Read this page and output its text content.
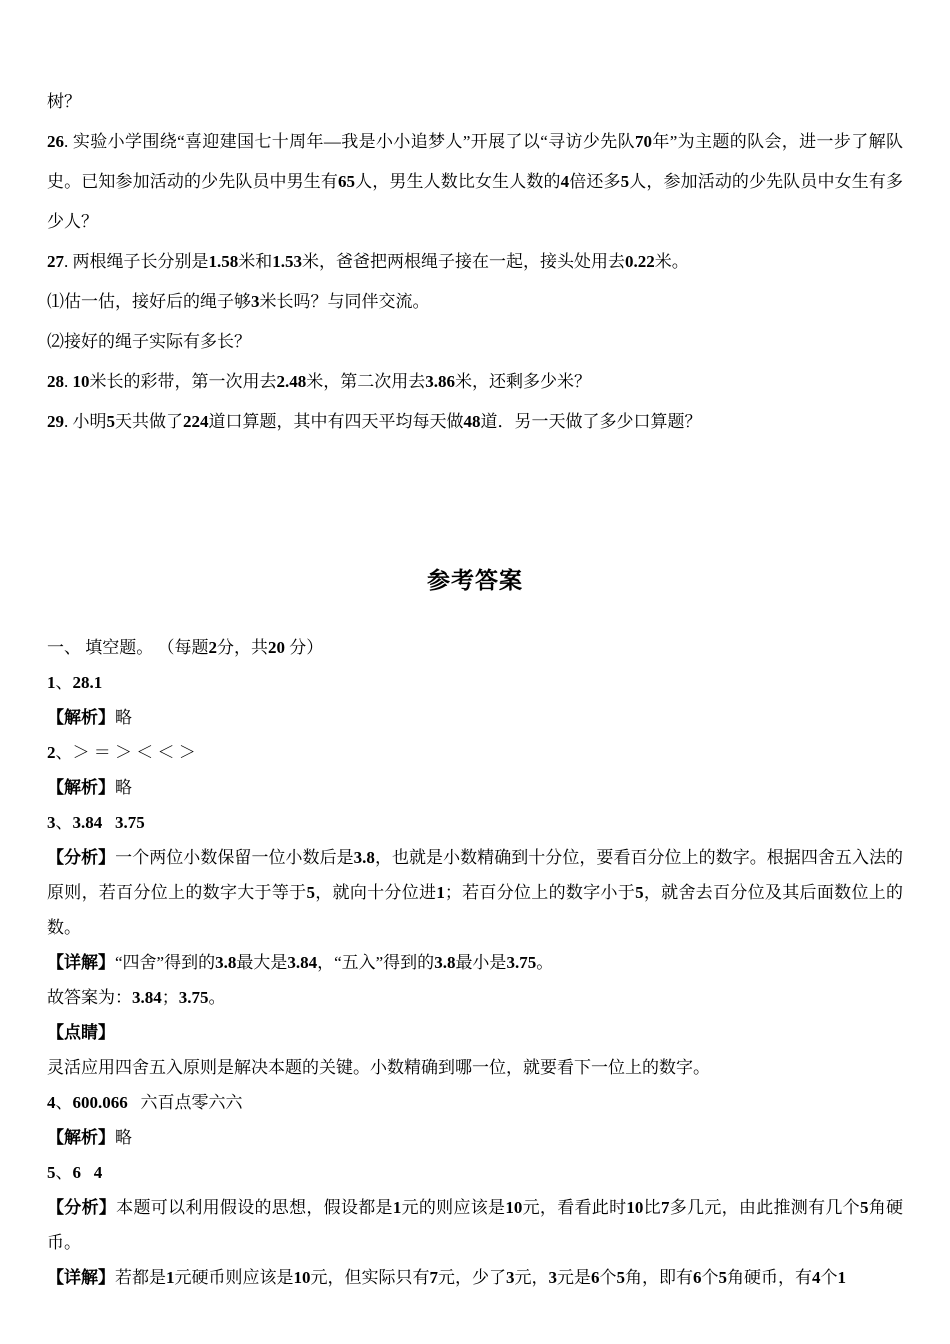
树？

26. 实验小学围绕“喜迎建国七十周年—我是小小追梦人”开展了以“寻访少先队70年”为主题的队会，进一步了解队史。已知参加活动的少先队员中男生有65人，男生人数比女生人数的4倍还多5人，参加活动的少先队员中女生有多少人？

27. 两根绳子长分别是1.58米和1.53米，爸爸把两根绳子接在一起，接头处用去0.22米。

⑴估一估，接好后的绳子够3米长吗？与同伴交流。

⑵接好的绳子实际有多长？

28. 10米长的彩带，第一次用去2.48米，第二次用去3.86米，还剩多少米？

29. 小明5天共做了224道口算题，其中有四天平均每天做48道．另一天做了多少口算题？

参考答案

一、 填空题。 （每题2分，共20 分）

1、28.1

【解析】略

2、＞ ＝ ＞ ＜ ＜ ＞

【解析】略

3、3.84 3.75

【分析】一个两位小数保留一位小数后是3.8，也就是小数精确到十分位，要看百分位上的数字。根据四舍五入法的原则，若百分位上的数字大于等于5，就向十分位进1；若百分位上的数字小于5，就舍去百分位及其后面数位上的数。

【详解】“四舍”得到的3.8最大是3.84，“五入”得到的3.8最小是3.75。

故答案为：3.84；3.75。

【点睛】

灵活应用四舍五入原则是解决本题的关键。小数精确到哪一位，就要看下一位上的数字。

4、600.066   六百点零六六

【解析】略

5、6 4

【分析】本题可以利用假设的思想，假设都是1元的则应该是10元，看看此时10比7多几元，由此推测有几个5角硬币。

【详解】若都是1元硬币则应该是10元，但实际只有7元，少了3元，3元是6个5角，即有6个5角硬币，有4个1
